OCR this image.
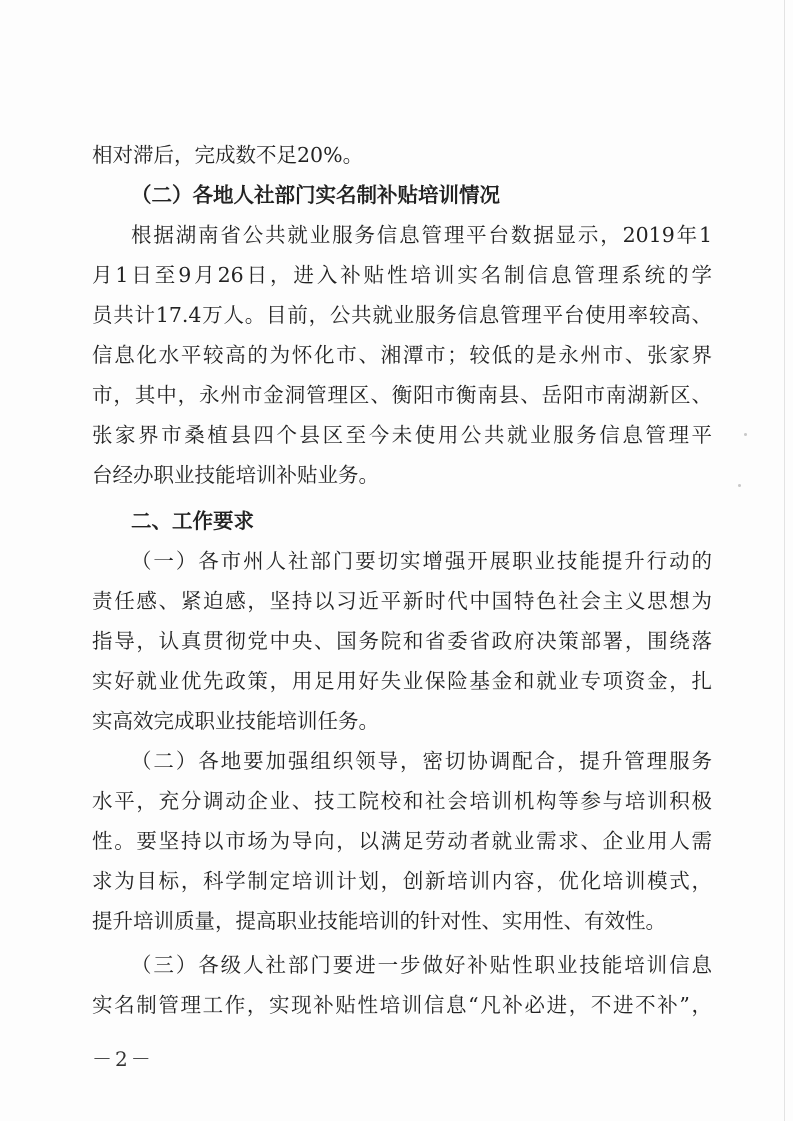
相对滞后，完成数不足20%。
（二）各地人社部门实名制补贴培训情况
根据湖南省公共就业服务信息管理平台数据显示，2019年1
月1日至9月26日，进入补贴性培训实名制信息管理系统的学
员共计17.4万人。目前，公共就业服务信息管理平台使用率较高、
信息化水平较高的为怀化市、湘潭市；较低的是永州市、张家界
市，其中，永州市金洞管理区、衡阳市衡南县、岳阳市南湖新区、
张家界市桑植县四个县区至今未使用公共就业服务信息管理平
台经办职业技能培训补贴业务。
二、工作要求
（一）各市州人社部门要切实增强开展职业技能提升行动的
责任感、紧迫感，坚持以习近平新时代中国特色社会主义思想为
指导，认真贯彻党中央、国务院和省委省政府决策部署，围绕落
实好就业优先政策，用足用好失业保险基金和就业专项资金，扎
实高效完成职业技能培训任务。
（二）各地要加强组织领导，密切协调配合，提升管理服务
水平，充分调动企业、技工院校和社会培训机构等参与培训积极
性。要坚持以市场为导向，以满足劳动者就业需求、企业用人需
求为目标，科学制定培训计划，创新培训内容，优化培训模式，
提升培训质量，提高职业技能培训的针对性、实用性、有效性。
（三）各级人社部门要进一步做好补贴性职业技能培训信息
实名制管理工作，实现补贴性培训信息“凡补必进，不进不补”，
－2－
